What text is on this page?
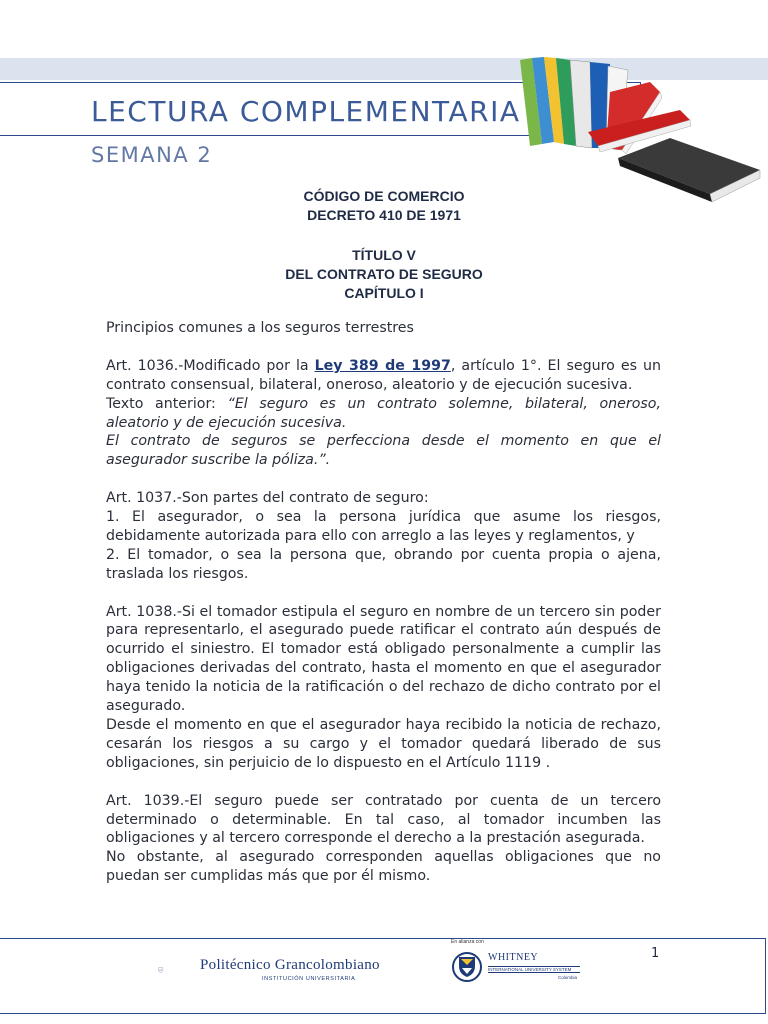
LECTURA COMPLEMENTARIA
SEMANA 2
CÓDIGO DE COMERCIO
DECRETO 410 DE 1971
TÍTULO V
DEL CONTRATO DE SEGURO
CAPÍTULO I

Principios comunes a los seguros terrestres

Art. 1036.-Modificado por la Ley 389 de 1997, artículo 1°. El seguro es un contrato consensual, bilateral, oneroso, aleatorio y de ejecución sucesiva.

Texto anterior: “El seguro es un contrato solemne, bilateral, oneroso, aleatorio y de ejecución sucesiva.

El contrato de seguros se perfecciona desde el momento en que el asegurador suscribe la póliza.”.

Art. 1037.-Son partes del contrato de seguro:

1. El asegurador, o sea la persona jurídica que asume los riesgos, debidamente autorizada para ello con arreglo a las leyes y reglamentos, y

2. El tomador, o sea la persona que, obrando por cuenta propia o ajena, traslada los riesgos.

Art. 1038.-Si el tomador estipula el seguro en nombre de un tercero sin poder para representarlo, el asegurado puede ratificar el contrato aún después de ocurrido el siniestro. El tomador está obligado personalmente a cumplir las obligaciones derivadas del contrato, hasta el momento en que el asegurador haya tenido la noticia de la ratificación o del rechazo de dicho contrato por el asegurado.

Desde el momento en que el asegurador haya recibido la noticia de rechazo, cesarán los riesgos a su cargo y el tomador quedará liberado de sus obligaciones, sin perjuicio de lo dispuesto en el Artículo 1119 .

Art. 1039.-El seguro puede ser contratado por cuenta de un tercero determinado o determinable. En tal caso, al tomador incumben las obligaciones y al tercero corresponde el derecho a la prestación asegurada.

No obstante, al asegurado corresponden aquellas obligaciones que no puedan ser cumplidas más que por él mismo.

1
PG	Politécnico Grancolombiano
INSTITUCIÓN UNIVERSITARIA
En alianza con
WHITNEY
INTERNATIONAL UNIVERSITY SYSTEM
Colombia
